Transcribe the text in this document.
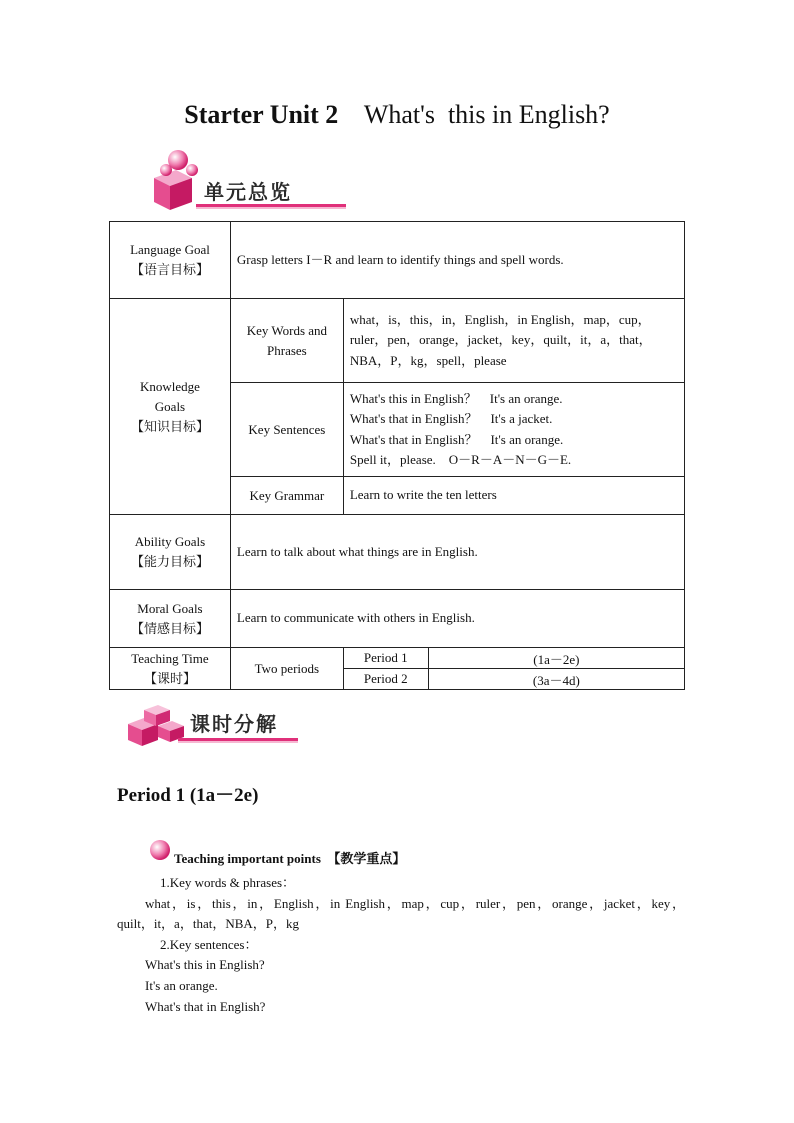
Starter Unit 2 What's  this in English?
单元总览
Language Goal
【语言目标】	Grasp letters I－R and learn to identify things and spell words.		
Knowledge Goals
【知识目标】	Key Words and Phrases	what，is，this，in，English，in English，map，cup，ruler，pen，orange，jacket，key，quilt，it，a，that，NBA，P，kg，spell，please	
	Key Sentences	What's this in English？　It's an orange.
What's that in English？　It's a jacket.
What's that in English？　It's an orange.
Spell it，please.　O－R－A－N－G－E.	

	Key Grammar	Learn to write the ten letters	
Ability Goals
【能力目标】	Learn to talk about what things are in English.		
Moral Goals
【情感目标】	Learn to communicate with others in English.		
Teaching Time
【课时】	Two periods	Period 1	(1a－2e)
		Period 2	(3a－4d)
课时分解
Period 1 (1a－2e)
Teaching important points　【教学重点】
1.Key words & phrases：
what，is，this，in，English，in English，map，cup，ruler，pen，orange，jacket，key，
quilt，it，a，that，NBA，P，kg
2.Key sentences：
What's this in English?
It's an orange.
What's that in English?
